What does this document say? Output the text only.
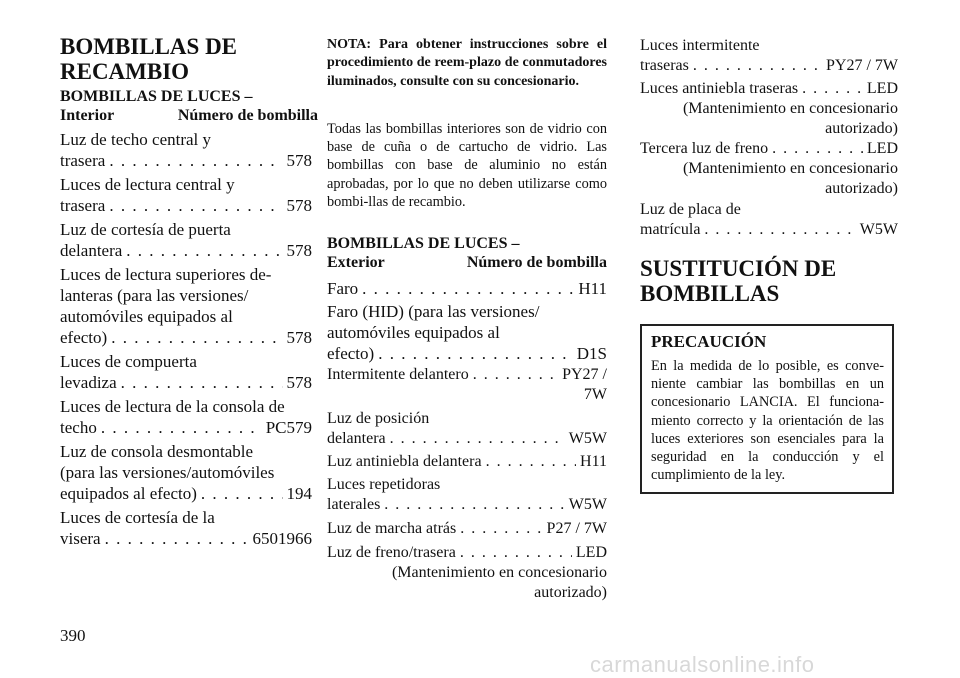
BOMBILLAS DE
RECAMBIO
BOMBILLAS DE LUCES –
Interior	Número de bombilla
Luz de techo central y
trasera . . .	578
Luces de lectura central y
trasera . . .	578
Luz de cortesía de puerta
delantera . . .	578
Luces de lectura superiores de-
lanteras (para las versiones/
automóviles equipados al
efecto) . . .	578
Luces de compuerta
levadiza . . .	578
Luces de lectura de la consola de
techo . . .	PC579
Luz de consola desmontable
(para las versiones/automóviles
equipados al efecto) . . .	194
Luces de cortesía de la
visera . . .	6501966
NOTA: Para obtener instrucciones sobre el procedimiento de reem-plazo de conmutadores iluminados, consulte con su concesionario.
Todas las bombillas interiores son de vidrio con base de cuña o de cartucho de vidrio. Las bombillas con base de aluminio no están aprobadas, por lo que no deben utilizarse como bombi-llas de recambio.
BOMBILLAS DE LUCES –
Exterior	Número de bombilla
Faro . . .	H11
Faro (HID) (para las versiones/
automóviles equipados al
efecto) . . .	D1S
Intermitente delantero . . .	PY27 /
7W
Luz de posición
delantera . . .	W5W
Luz antiniebla delantera . . .	H11
Luces repetidoras
laterales . . .	W5W
Luz de marcha atrás . . .	P27 / 7W
Luz de freno/trasera . . .	LED
(Mantenimiento en concesionario
autorizado)
Luces intermitente
traseras . . .	PY27 / 7W
Luces antiniebla traseras . . .	LED
(Mantenimiento en concesionario
autorizado)
Tercera luz de freno . . .	LED
(Mantenimiento en concesionario
autorizado)
Luz de placa de
matrícula . . .	W5W
SUSTITUCIÓN DE
BOMBILLAS
PRECAUCIÓN
En la medida de lo posible, es conve-niente cambiar las bombillas en un concesionario LANCIA. El funciona-miento correcto y la orientación de las luces exteriores son esenciales para la seguridad en la conducción y el cumplimiento de la ley.
390
carmanualsonline.info
